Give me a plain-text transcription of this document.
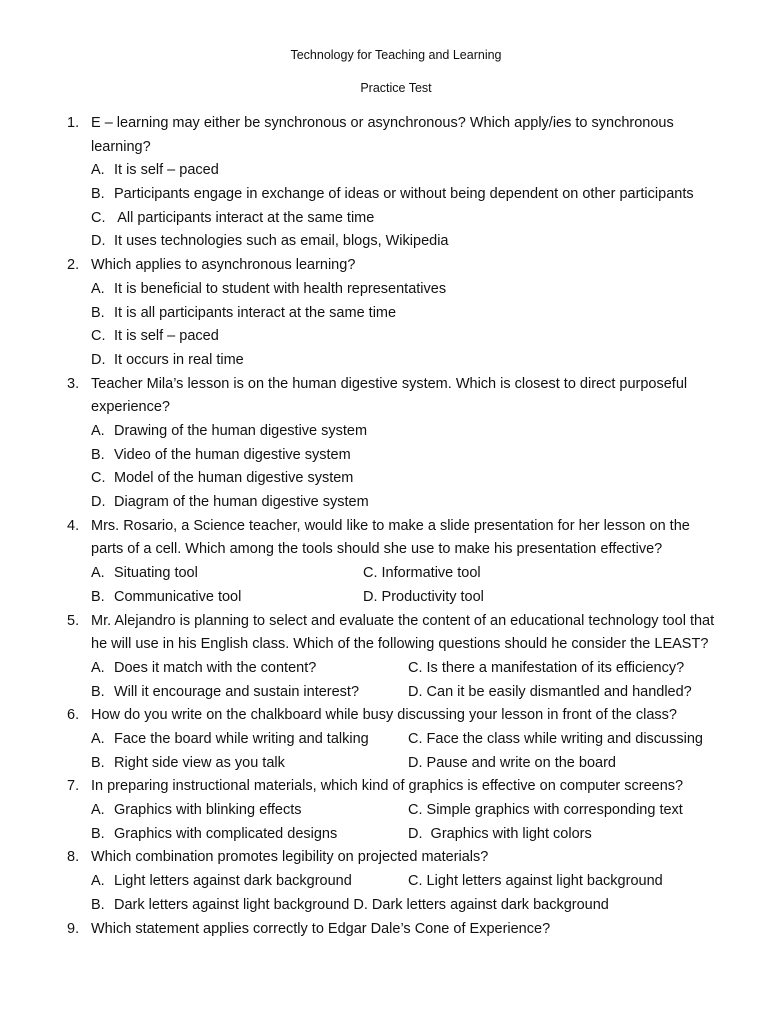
Technology for Teaching and Learning
Practice Test
1. E – learning may either be synchronous or asynchronous? Which apply/ies to synchronous learning?
A. It is self – paced
B. Participants engage in exchange of ideas or without being dependent on other participants
C. All participants interact at the same time
D. It uses technologies such as email, blogs, Wikipedia
2. Which applies to asynchronous learning?
A. It is beneficial to student with health representatives
B. It is all participants interact at the same time
C. It is self – paced
D. It occurs in real time
3. Teacher Mila’s lesson is on the human digestive system. Which is closest to direct purposeful experience?
A. Drawing of the human digestive system
B. Video of the human digestive system
C. Model of the human digestive system
D. Diagram of the human digestive system
4. Mrs. Rosario, a Science teacher, would like to make a slide presentation for her lesson on the parts of a cell. Which among the tools should she use to make his presentation effective?
A. Situating tool	C. Informative tool
B. Communicative tool	D. Productivity tool
5. Mr. Alejandro is planning to select and evaluate the content of an educational technology tool that he will use in his English class. Which of the following questions should he consider the LEAST?
A. Does it match with the content?	C. Is there a manifestation of its efficiency?
B. Will it encourage and sustain interest?	D. Can it be easily dismantled and handled?
6. How do you write on the chalkboard while busy discussing your lesson in front of the class?
A. Face the board while writing and talking	C. Face the class while writing and discussing
B. Right side view as you talk	D. Pause and write on the board
7. In preparing instructional materials, which kind of graphics is effective on computer screens?
A. Graphics with blinking effects	C. Simple graphics with corresponding text
B. Graphics with complicated designs	D.  Graphics with light colors
8. Which combination promotes legibility on projected materials?
A. Light letters against dark background	C. Light letters against light background
B. Dark letters against light background D. Dark letters against dark background
9. Which statement applies correctly to Edgar Dale’s Cone of Experience?
